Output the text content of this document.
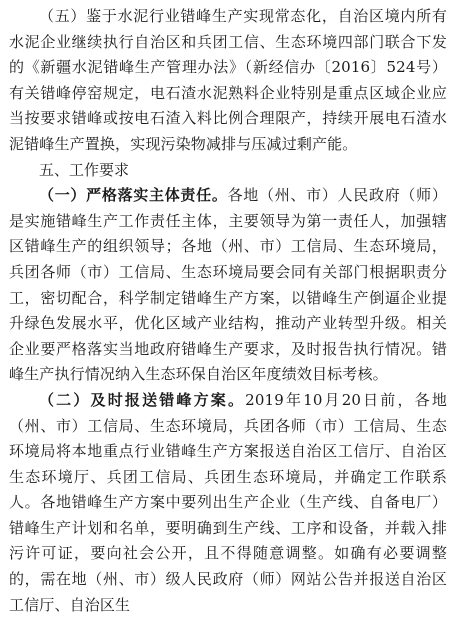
（五）鉴于水泥行业错峰生产实现常态化，自治区境内所有水泥企业继续执行自治区和兵团工信、生态环境四部门联合下发的《新疆水泥错峰生产管理办法》（新经信办〔2016〕524号）有关错峰停窑规定，电石渣水泥熟料企业特别是重点区域企业应当按要求错峰或按电石渣入料比例合理限产，持续开展电石渣水泥错峰生产置换，实现污染物减排与压减过剩产能。

五、工作要求

（一）严格落实主体责任。各地（州、市）人民政府（师）是实施错峰生产工作责任主体，主要领导为第一责任人，加强辖区错峰生产的组织领导；各地（州、市）工信局、生态环境局，兵团各师（市）工信局、生态环境局要会同有关部门根据职责分工，密切配合，科学制定错峰生产方案，以错峰生产倒逼企业提升绿色发展水平，优化区域产业结构，推动产业转型升级。相关企业要严格落实当地政府错峰生产要求，及时报告执行情况。错峰生产执行情况纳入生态环保自治区年度绩效目标考核。

（二）及时报送错峰方案。2019年10月20日前，各地（州、市）工信局、生态环境局，兵团各师（市）工信局、生态环境局将本地重点行业错峰生产方案报送自治区工信厅、自治区生态环境厅、兵团工信局、兵团生态环境局，并确定工作联系人。各地错峰生产方案中要列出生产企业（生产线、自备电厂）错峰生产计划和名单，要明确到生产线、工序和设备，并载入排污许可证，要向社会公开，且不得随意调整。如确有必要调整的，需在地（州、市）级人民政府（师）网站公告并报送自治区工信厅、自治区生
